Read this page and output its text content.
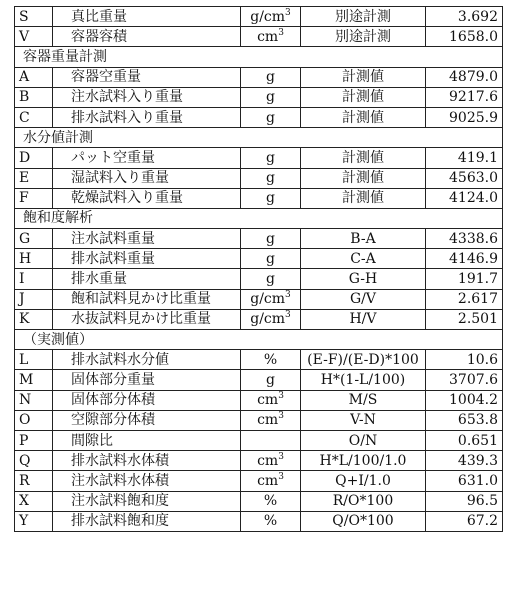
S	真比重量	$g/cm^3$	別途計測	3.692
V	容器容積	$cm^3$	別途計測	1658.0
容器重量計測				
A	容器空重量	g	計測値	4879.0
B	注水試料入り重量	g	計測値	9217.6
C	排水試料入り重量	g	計測値	9025.9
水分値計測				
D	パット空重量	g	計測値	419.1
E	湿試料入り重量	g	計測値	4563.0
F	乾燥試料入り重量	g	計測値	4124.0
飽和度解析				
G	注水試料重量	g	B-A	4338.6
H	排水試料重量	g	C-A	4146.9
I	排水重量	g	G-H	191.7
J	飽和試料見かけ比重量	$g/cm^3$	G/V	2.617
K	水抜試料見かけ比重量	$g/cm^3$	H/V	2.501
（実測値）				
L	排水試料水分値	%	(E-F)/(E-D)*100	10.6
M	固体部分重量	g	H*(1-L/100)	3707.6
N	固体部分体積	$cm^3$	M/S	1004.2
O	空隙部分体積	$cm^3$	V-N	653.8
P	間隙比		O/N	0.651
Q	排水試料水体積	$cm^3$	H*L/100/1.0	439.3
R	注水試料水体積	$cm^3$	Q+I/1.0	631.0
X	注水試料飽和度	%	R/O*100	96.5
Y	排水試料飽和度	%	Q/O*100	67.2
